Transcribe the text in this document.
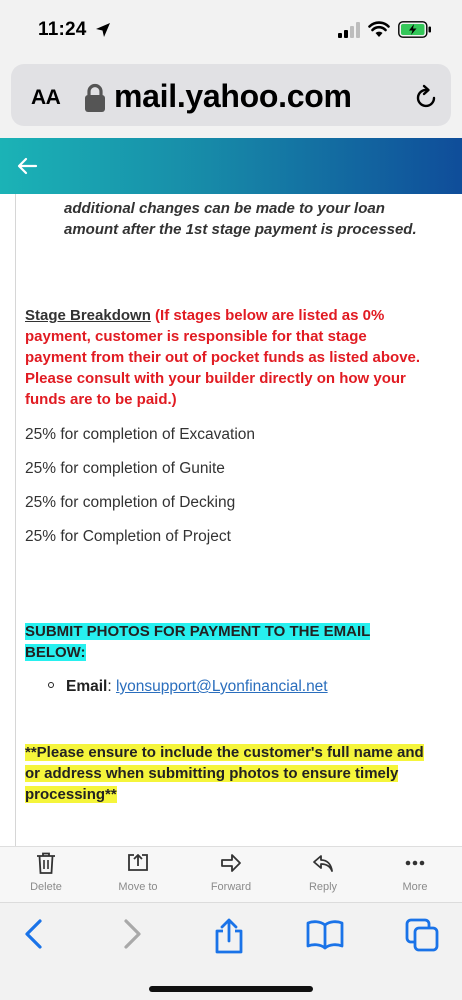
11:24
AA mail.yahoo.com
additional changes can be made to your loan amount after the 1st stage payment is processed.
Stage Breakdown (If stages below are listed as 0% payment, customer is responsible for that stage payment from their out of pocket funds as listed above. Please consult with your builder directly on how your funds are to be paid.)
25% for completion of Excavation
25% for completion of Gunite
25% for completion of Decking
25% for Completion of Project
SUBMIT PHOTOS FOR PAYMENT TO THE EMAIL BELOW:
Email: lyonsupport@Lyonfinancial.net
**Please ensure to include the customer's full name and or address when submitting photos to ensure timely processing**
Delete	Move to	Forward	Reply	More
